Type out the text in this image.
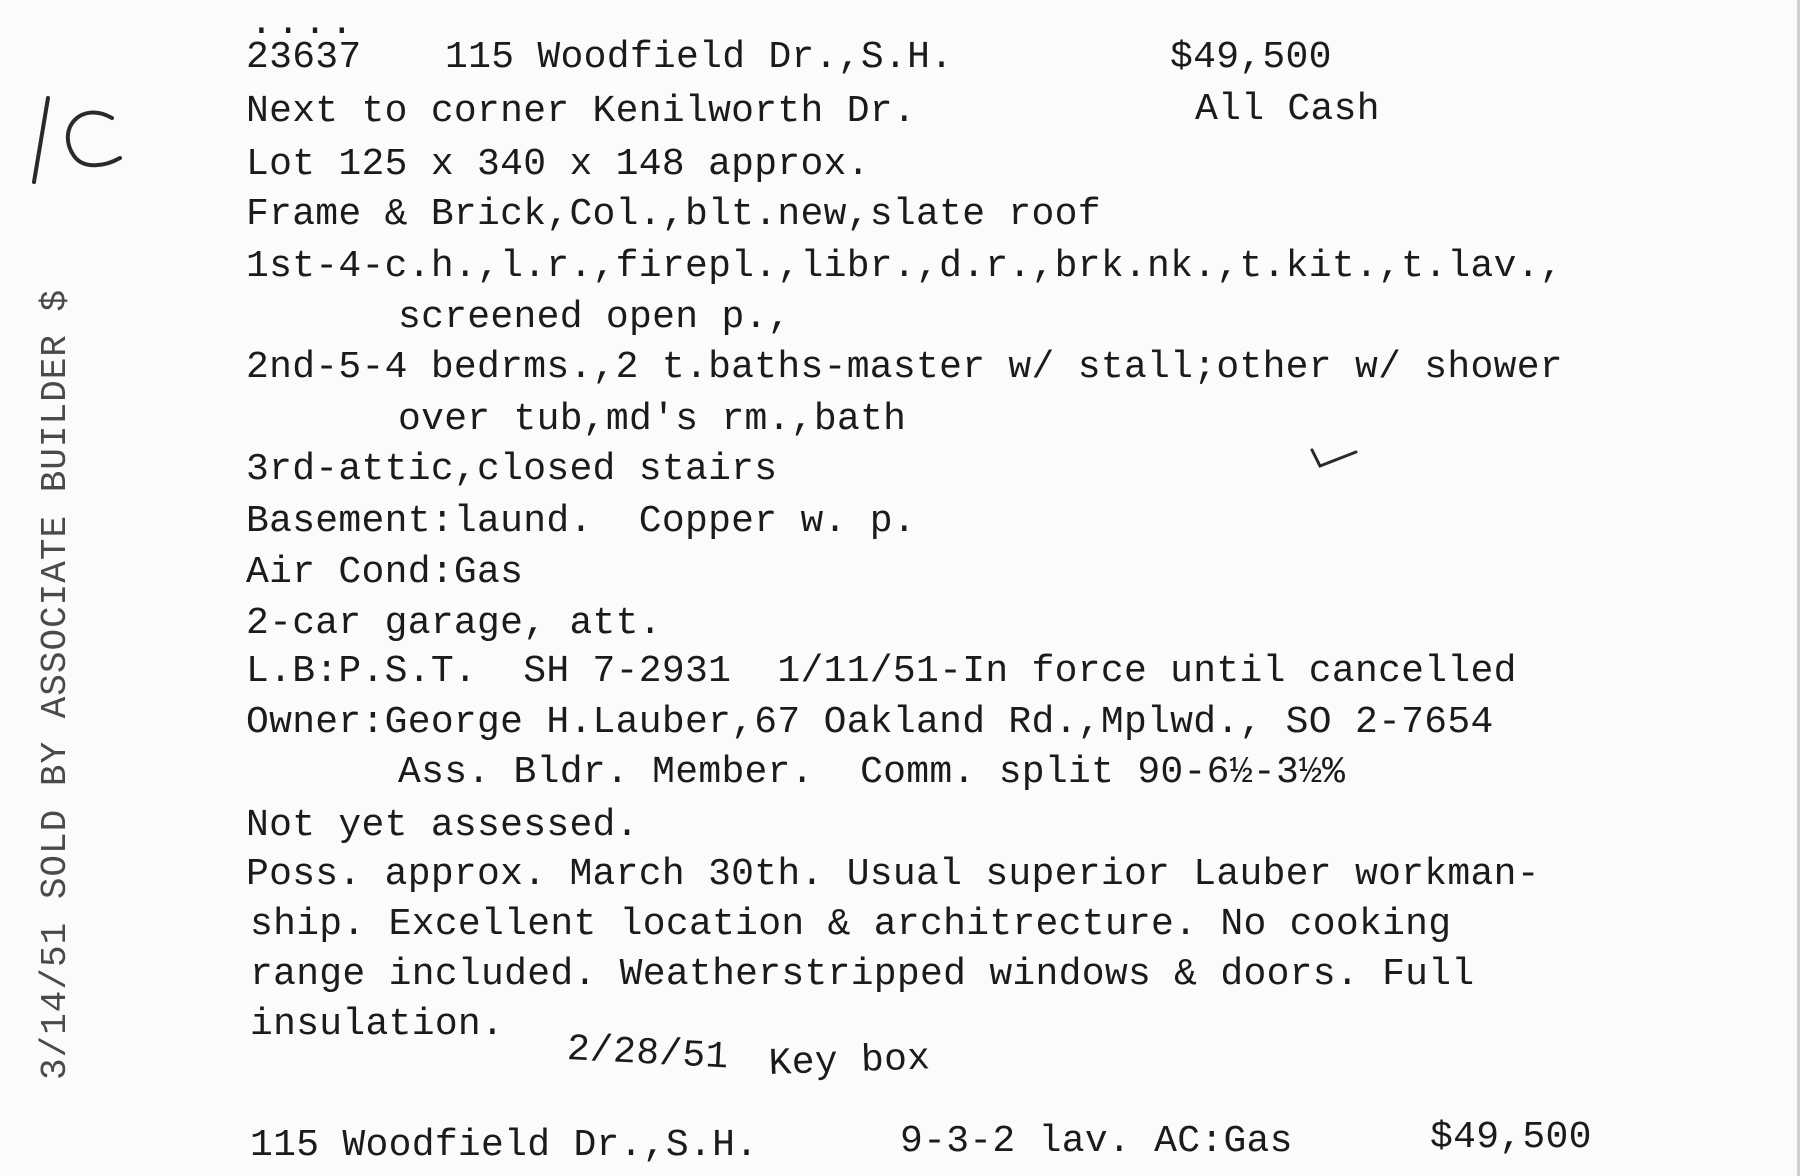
....
23637 115 Woodfield Dr.,S.H.	$49,500
Next to corner Kenilworth Dr.	All Cash
Lot 125 x 340 x 148 approx.
Frame & Brick,Col.,blt.new,slate roof
1st-4-c.h.,l.r.,firepl.,libr.,d.r.,brk.nk.,t.kit.,t.lav.,
screened open p.,
2nd-5-4 bedrms.,2 t.baths-master w/ stall;other w/ shower
over tub,md's rm.,bath
3rd-attic,closed stairs
Basement:laund.  Copper w. p.
Air Cond:Gas
2-car garage, att.
L.B:P.S.T.  SH 7-2931  1/11/51-In force until cancelled
Owner:George H.Lauber,67 Oakland Rd.,Mplwd., SO 2-7654
Ass. Bldr. Member.  Comm. split 90-6½-3½%
Not yet assessed.
Poss. approx. March 30th. Usual superior Lauber workman-
ship. Excellent location & architrecture. No cooking
range included. Weatherstripped windows & doors. Full
insulation.
2/28/51 Key box
115 Woodfield Dr.,S.H.	9-3-2 lav. AC:Gas	$49,500
3/14/51 SOLD BY ASSOCIATE BUILDER $
